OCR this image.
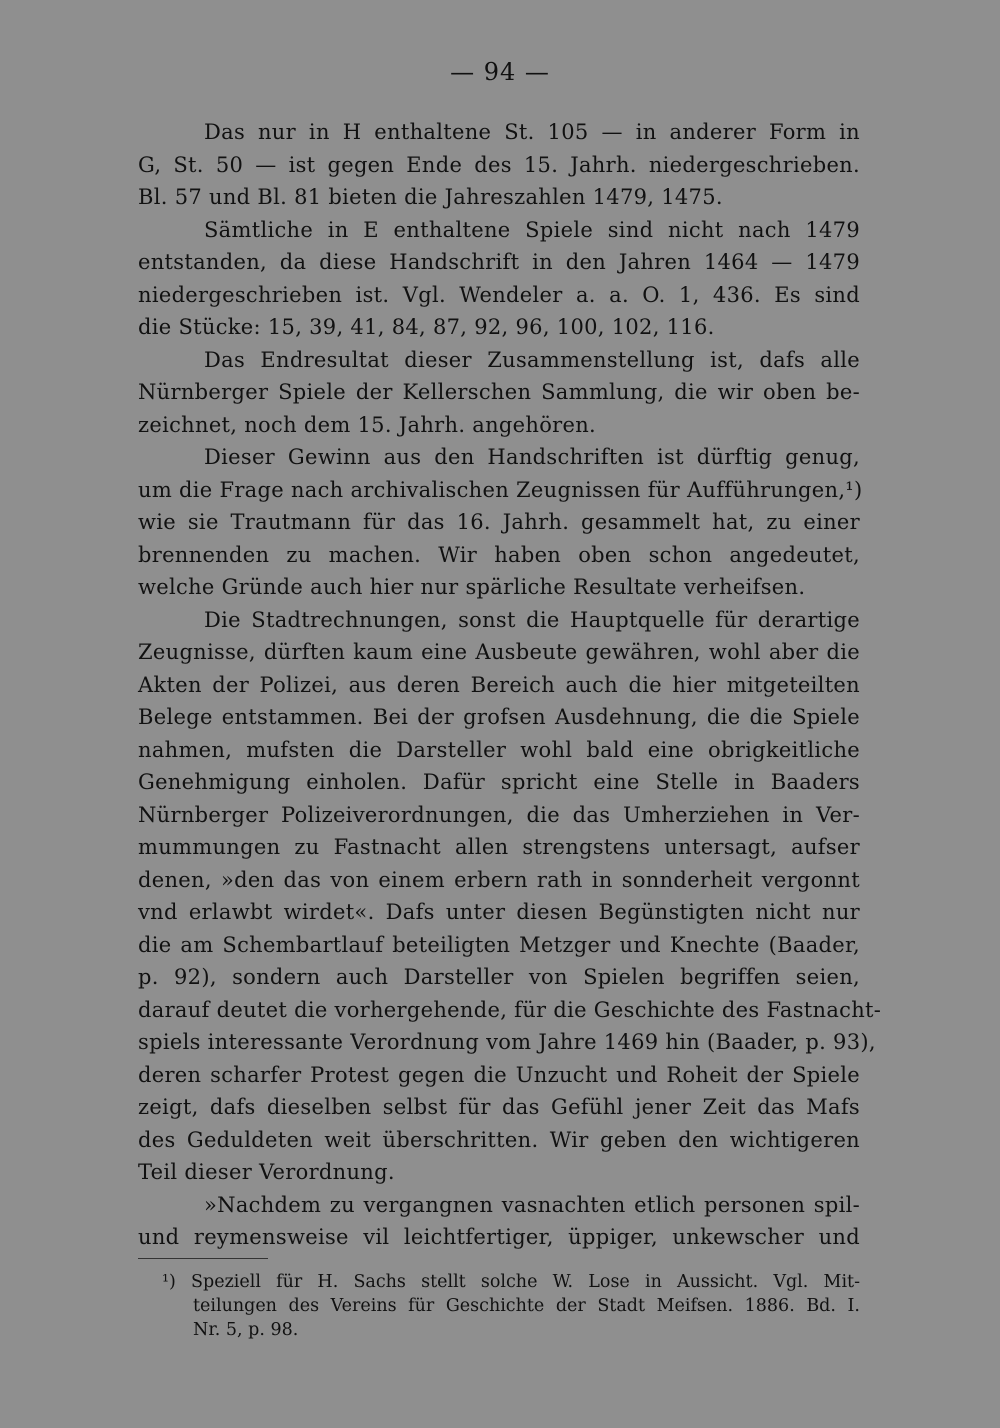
— 94 —
Das nur in H enthaltene St. 105 — in anderer Form in
G, St. 50 — ist gegen Ende des 15. Jahrh. niedergeschrieben.
Bl. 57 und Bl. 81 bieten die Jahreszahlen 1479, 1475.
Sämtliche in E enthaltene Spiele sind nicht nach 1479
entstanden, da diese Handschrift in den Jahren 1464 — 1479
niedergeschrieben ist. Vgl. Wendeler a. a. O. 1, 436. Es sind
die Stücke: 15, 39, 41, 84, 87, 92, 96, 100, 102, 116.
Das Endresultat dieser Zusammenstellung ist, dafs alle
Nürnberger Spiele der Kellerschen Sammlung, die wir oben be-
zeichnet, noch dem 15. Jahrh. angehören.
Dieser Gewinn aus den Handschriften ist dürftig genug,
um die Frage nach archivalischen Zeugnissen für Aufführungen,¹)
wie sie Trautmann für das 16. Jahrh. gesammelt hat, zu einer
brennenden zu machen. Wir haben oben schon angedeutet,
welche Gründe auch hier nur spärliche Resultate verheifsen.
Die Stadtrechnungen, sonst die Hauptquelle für derartige
Zeugnisse, dürften kaum eine Ausbeute gewähren, wohl aber die
Akten der Polizei, aus deren Bereich auch die hier mitgeteilten
Belege entstammen. Bei der grofsen Ausdehnung, die die Spiele
nahmen, mufsten die Darsteller wohl bald eine obrigkeitliche
Genehmigung einholen. Dafür spricht eine Stelle in Baaders
Nürnberger Polizeiverordnungen, die das Umherziehen in Ver-
mummungen zu Fastnacht allen strengstens untersagt, aufser
denen, »den das von einem erbern rath in sonnderheit vergonnt
vnd erlawbt wirdet«. Dafs unter diesen Begünstigten nicht nur
die am Schembartlauf beteiligten Metzger und Knechte (Baader,
p. 92), sondern auch Darsteller von Spielen begriffen seien,
darauf deutet die vorhergehende, für die Geschichte des Fastnacht-
spiels interessante Verordnung vom Jahre 1469 hin (Baader, p. 93),
deren scharfer Protest gegen die Unzucht und Roheit der Spiele
zeigt, dafs dieselben selbst für das Gefühl jener Zeit das Mafs
des Geduldeten weit überschritten. Wir geben den wichtigeren
Teil dieser Verordnung.
»Nachdem zu vergangnen vasnachten etlich personen spil-
und reymensweise vil leichtfertiger, üppiger, unkewscher und
¹) Speziell für H. Sachs stellt solche W. Lose in Aussicht. Vgl. Mit-
teilungen des Vereins für Geschichte der Stadt Meifsen. 1886. Bd. I.
Nr. 5, p. 98.
